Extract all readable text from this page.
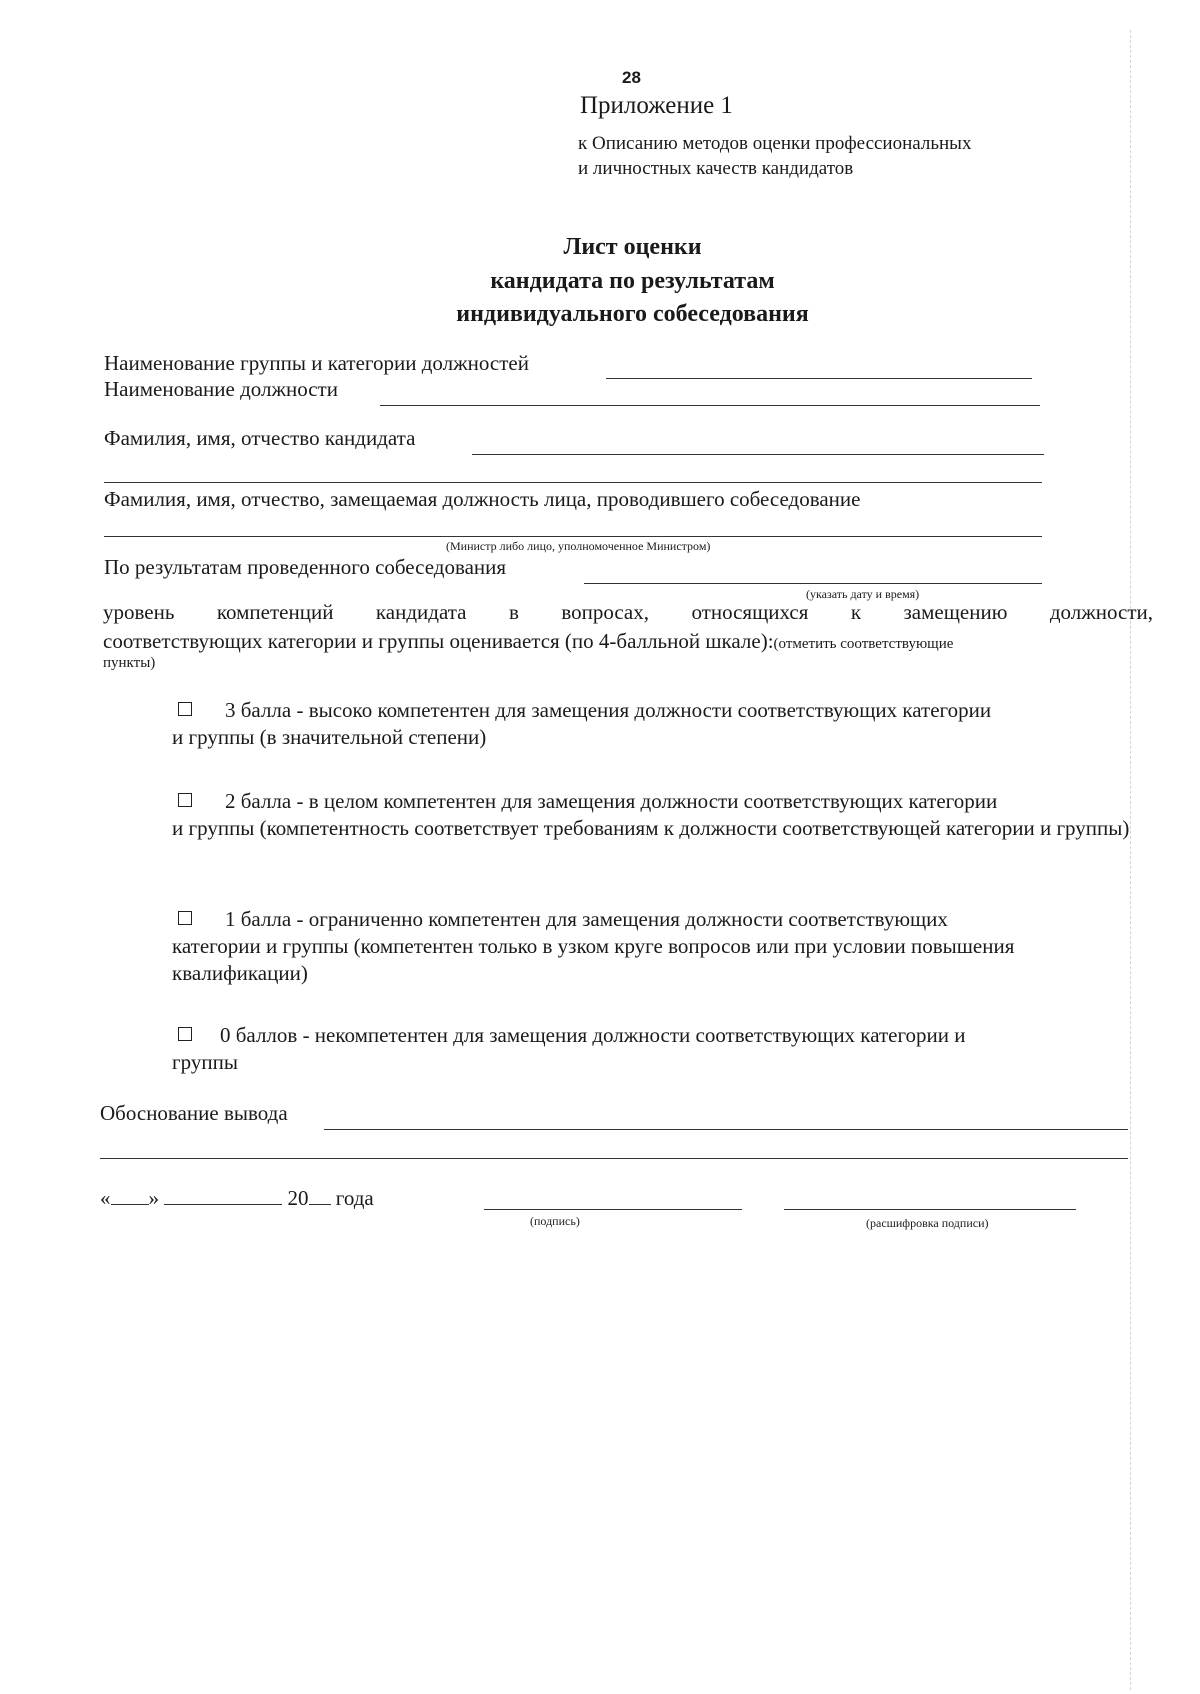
28
Приложение 1
к Описанию методов оценки профессиональных
и личностных качеств кандидатов
Лист оценки
кандидата по результатам
индивидуального собеседования
Наименование группы и категории должностей
Наименование должности
Фамилия, имя, отчество кандидата
Фамилия, имя, отчество, замещаемая должность лица, проводившего собеседование
(Министр либо лицо, уполномоченное Министром)
По результатам проведенного собеседования
(указать дату и время)
уровень компетенций кандидата в вопросах, относящихся к замещению должности,
соответствующих категории и группы оценивается (по 4-балльной шкале):(отметить соответствующие
пункты)
3 балла - высоко компетентен для замещения должности соответствующих категории
и группы (в значительной степени)
2 балла - в целом компетентен для замещения должности соответствующих категории
и группы (компетентность соответствует требованиям к должности соответствующей категории и группы)
1 балла - ограниченно компетентен для замещения должности соответствующих
категории и группы (компетентен только в узком круге вопросов или при условии повышения квалификации)
0 баллов - некомпетентен для замещения должности соответствующих категории и
группы
Обоснование вывода
« »	20 года
(подпись)	(расшифровка подписи)
